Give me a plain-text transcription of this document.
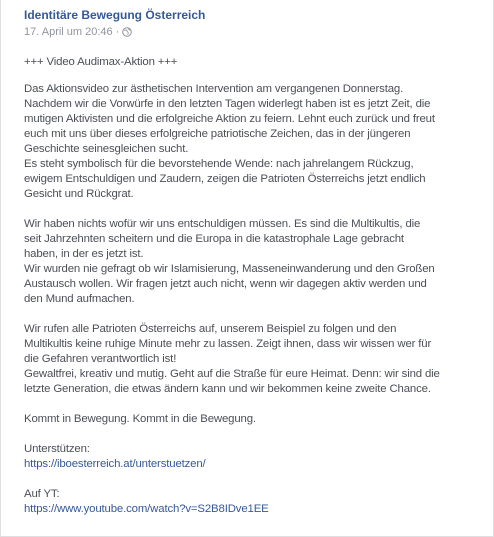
Identitäre Bewegung Österreich
17. April um 20:46 ·

+++ Video Audimax-Aktion +++

Das Aktionsvideo zur ästhetischen Intervention am vergangenen Donnerstag.
Nachdem wir die Vorwürfe in den letzten Tagen widerlegt haben ist es jetzt Zeit, die
mutigen Aktivisten und die erfolgreiche Aktion zu feiern. Lehnt euch zurück und freut
euch mit uns über dieses erfolgreiche patriotische Zeichen, das in der jüngeren
Geschichte seinesgleichen sucht.
Es steht symbolisch für die bevorstehende Wende: nach jahrelangem Rückzug,
ewigem Entschuldigen und Zaudern, zeigen die Patrioten Österreichs jetzt endlich
Gesicht und Rückgrat.

Wir haben nichts wofür wir uns entschuldigen müssen. Es sind die Multikultis, die
seit Jahrzehnten scheitern und die Europa in die katastrophale Lage gebracht
haben, in der es jetzt ist.
Wir wurden nie gefragt ob wir Islamisierung, Masseneinwanderung und den Großen
Austausch wollen. Wir fragen jetzt auch nicht, wenn wir dagegen aktiv werden und
den Mund aufmachen.

Wir rufen alle Patrioten Österreichs auf, unserem Beispiel zu folgen und den
Multikultis keine ruhige Minute mehr zu lassen. Zeigt ihnen, dass wir wissen wer für
die Gefahren verantwortlich ist!
Gewaltfrei, kreativ und mutig. Geht auf die Straße für eure Heimat. Denn: wir sind die
letzte Generation, die etwas ändern kann und wir bekommen keine zweite Chance.

Kommt in Bewegung. Kommt in die Bewegung.

Unterstützen:
https://iboesterreich.at/unterstuetzen/

Auf YT:
https://www.youtube.com/watch?v=S2B8IDve1EE
